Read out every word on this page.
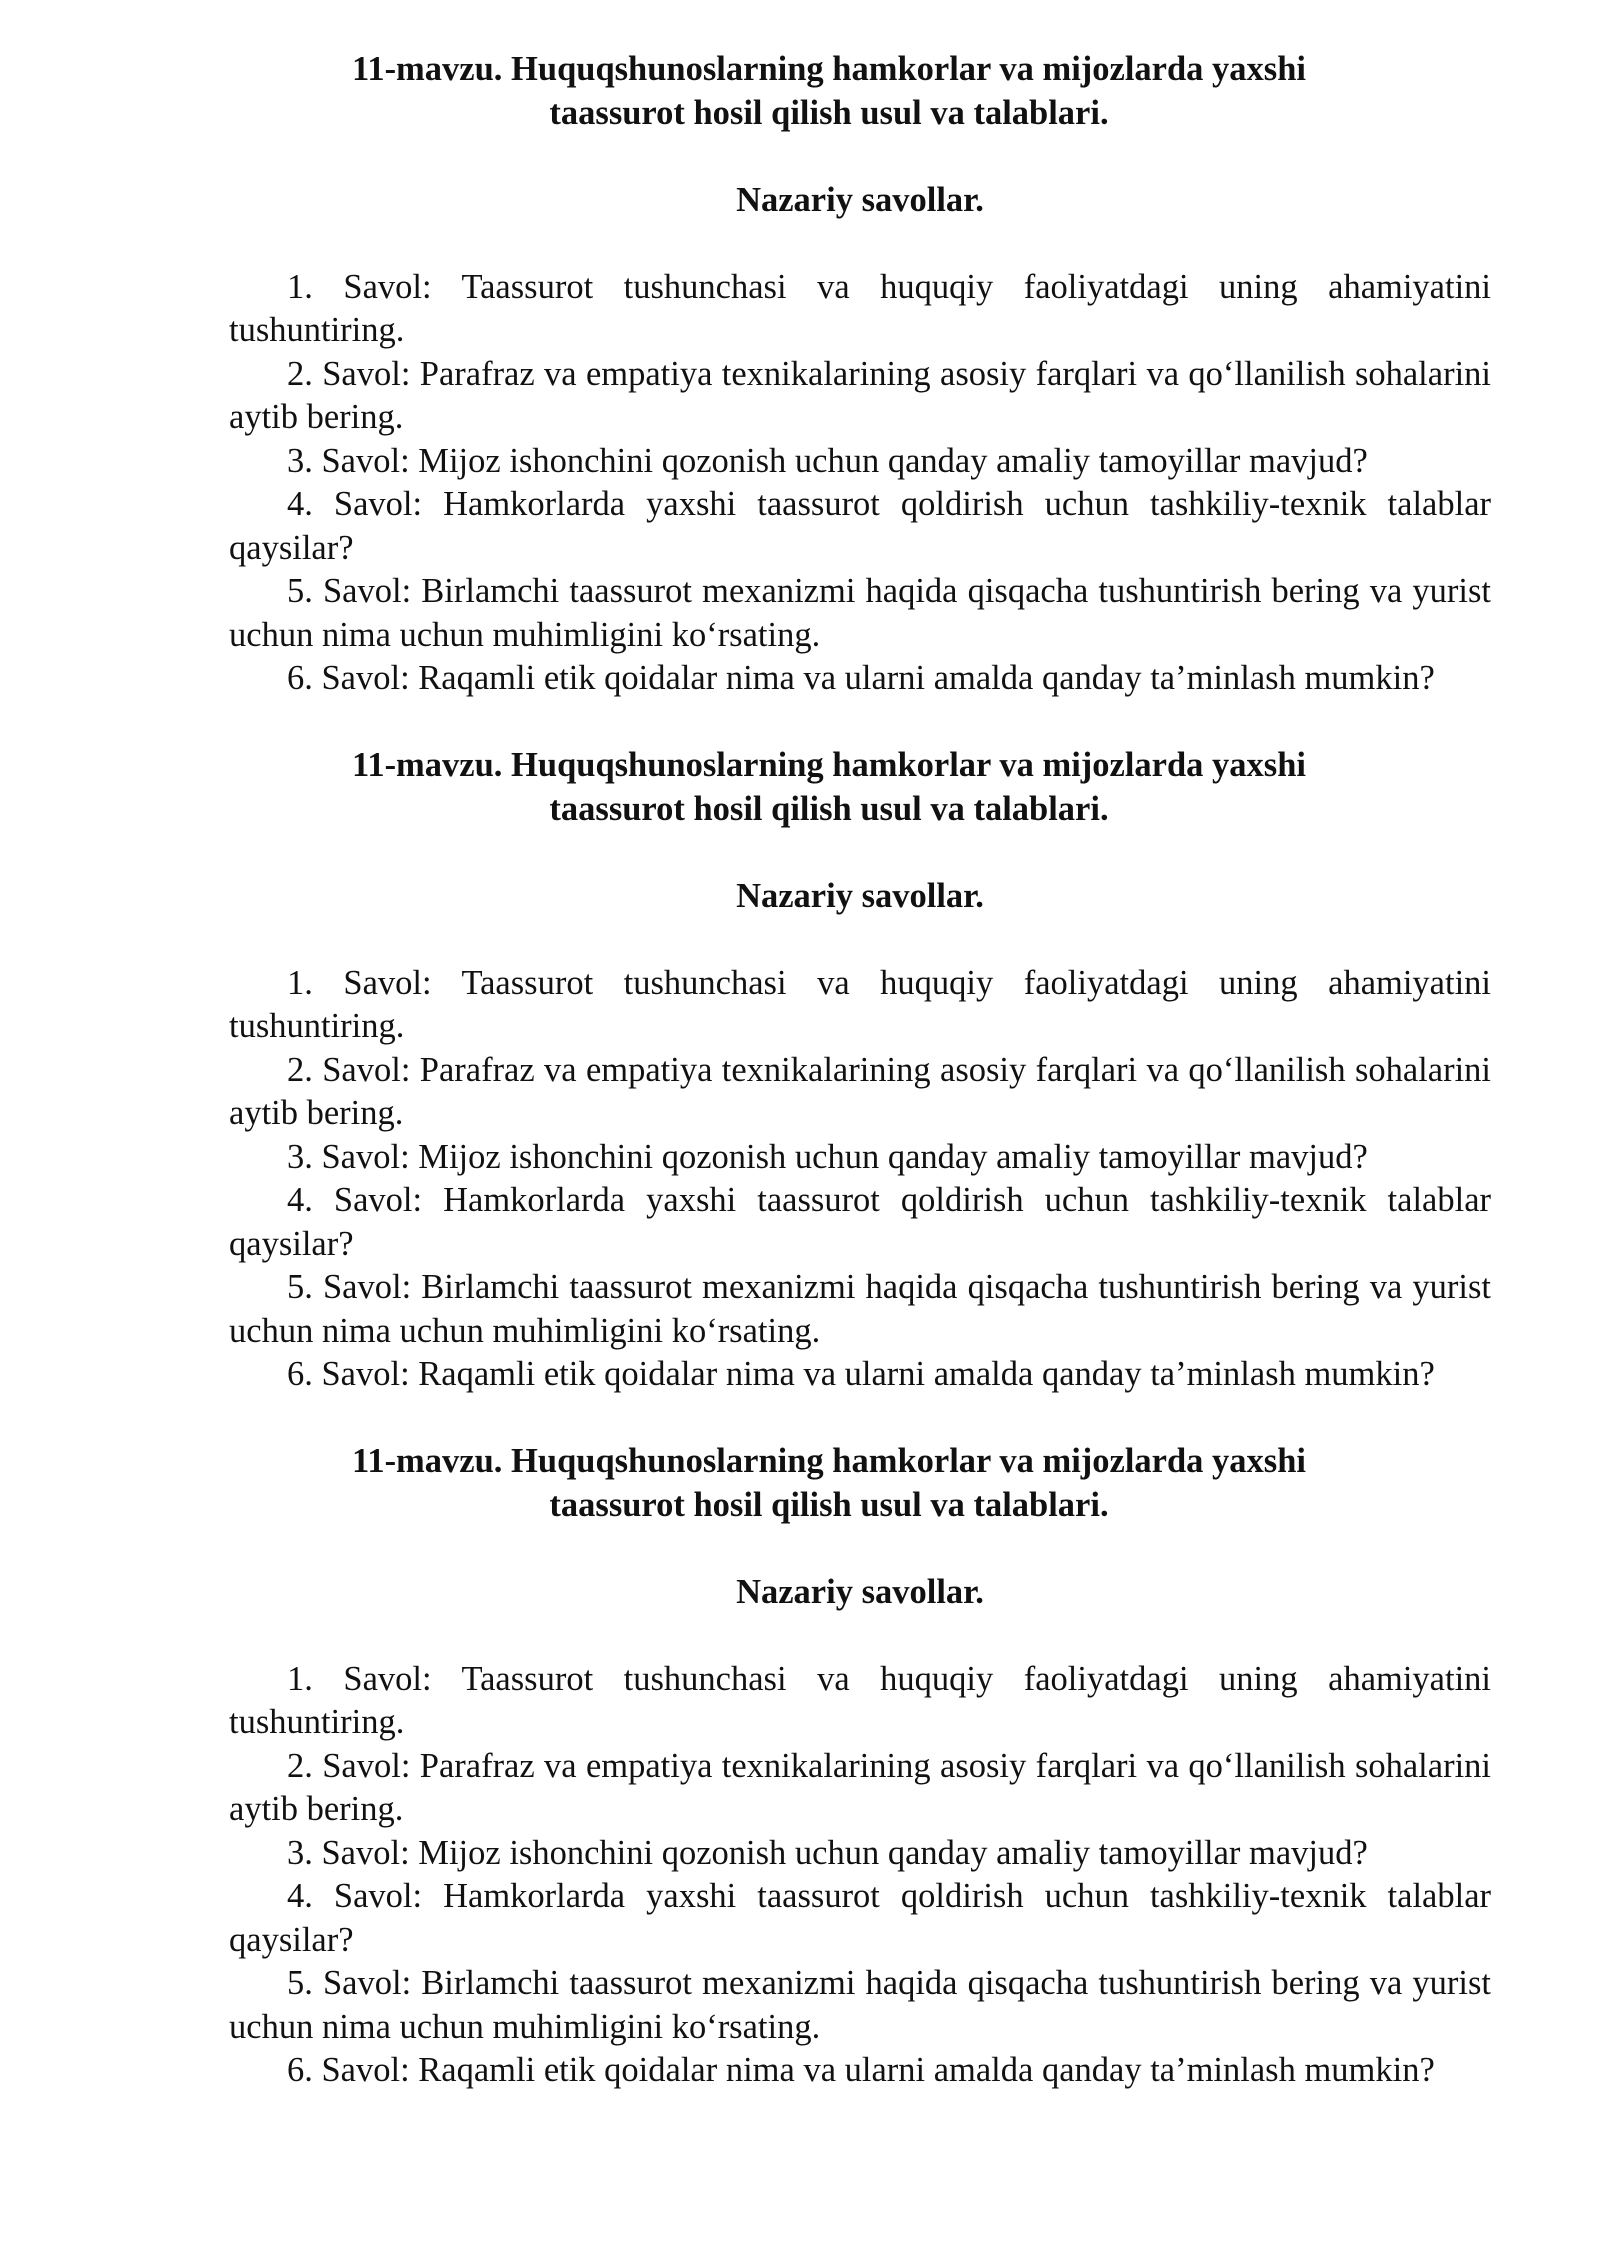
11-mavzu. Huquqshunoslarning hamkorlar va mijozlarda yaxshi
taassurot hosil qilish usul va talablari.
Nazariy savollar.

1. Savol: Taassurot tushunchasi va huquqiy faoliyatdagi uning ahamiyatini tushuntiring.

2. Savol: Parafraz va empatiya texnikalarining asosiy farqlari va qo‘llanilish sohalarini aytib bering.

3. Savol: Mijoz ishonchini qozonish uchun qanday amaliy tamoyillar mavjud?

4. Savol: Hamkorlarda yaxshi taassurot qoldirish uchun tashkiliy-texnik talablar qaysilar?

5. Savol: Birlamchi taassurot mexanizmi haqida qisqacha tushuntirish bering va yurist uchun nima uchun muhimligini ko‘rsating.

6. Savol: Raqamli etik qoidalar nima va ularni amalda qanday ta’minlash mumkin?

11-mavzu. Huquqshunoslarning hamkorlar va mijozlarda yaxshi
taassurot hosil qilish usul va talablari.
Nazariy savollar.

1. Savol: Taassurot tushunchasi va huquqiy faoliyatdagi uning ahamiyatini tushuntiring.

2. Savol: Parafraz va empatiya texnikalarining asosiy farqlari va qo‘llanilish sohalarini aytib bering.

3. Savol: Mijoz ishonchini qozonish uchun qanday amaliy tamoyillar mavjud?

4. Savol: Hamkorlarda yaxshi taassurot qoldirish uchun tashkiliy-texnik talablar qaysilar?

5. Savol: Birlamchi taassurot mexanizmi haqida qisqacha tushuntirish bering va yurist uchun nima uchun muhimligini ko‘rsating.

6. Savol: Raqamli etik qoidalar nima va ularni amalda qanday ta’minlash mumkin?

11-mavzu. Huquqshunoslarning hamkorlar va mijozlarda yaxshi
taassurot hosil qilish usul va talablari.
Nazariy savollar.

1. Savol: Taassurot tushunchasi va huquqiy faoliyatdagi uning ahamiyatini tushuntiring.

2. Savol: Parafraz va empatiya texnikalarining asosiy farqlari va qo‘llanilish sohalarini aytib bering.

3. Savol: Mijoz ishonchini qozonish uchun qanday amaliy tamoyillar mavjud?

4. Savol: Hamkorlarda yaxshi taassurot qoldirish uchun tashkiliy-texnik talablar qaysilar?

5. Savol: Birlamchi taassurot mexanizmi haqida qisqacha tushuntirish bering va yurist uchun nima uchun muhimligini ko‘rsating.

6. Savol: Raqamli etik qoidalar nima va ularni amalda qanday ta’minlash mumkin?
